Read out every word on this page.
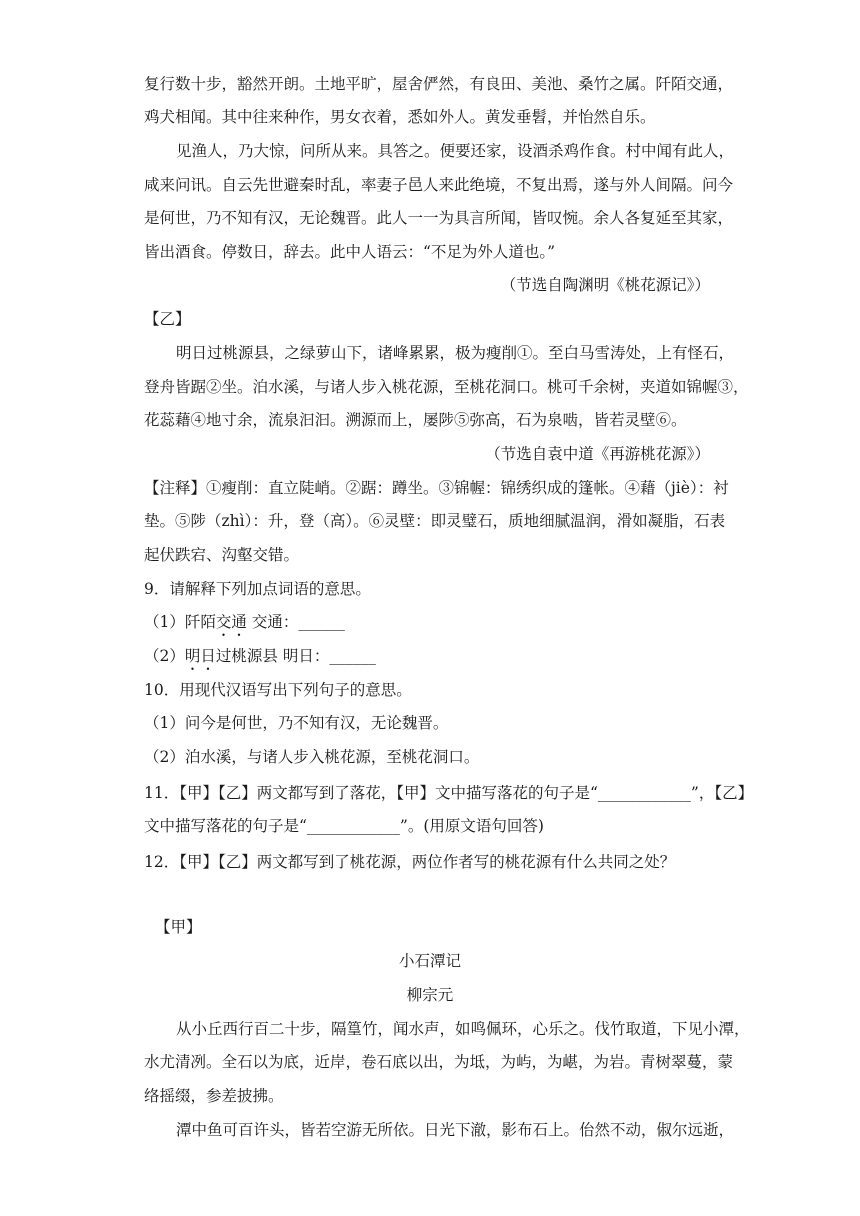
复行数十步，豁然开朗。土地平旷，屋舍俨然，有良田、美池、桑竹之属。阡陌交通，
鸡犬相闻。其中往来种作，男女衣着，悉如外人。黄发垂髫，并怡然自乐。
见渔人，乃大惊，问所从来。具答之。便要还家，设酒杀鸡作食。村中闻有此人，
咸来问讯。自云先世避秦时乱，率妻子邑人来此绝境，不复出焉，遂与外人间隔。问今
是何世，乃不知有汉，无论魏晋。此人一一为具言所闻，皆叹惋。余人各复延至其家，
皆出酒食。停数日，辞去。此中人语云：“不足为外人道也。”
（节选自陶渊明《桃花源记》）
【乙】
明日过桃源县，之绿萝山下，诸峰累累，极为瘦削①。至白马雪涛处，上有怪石，
登舟皆踞②坐。泊水溪，与诸人步入桃花源，至桃花洞口。桃可千余树，夹道如锦幄③，
花蕊藉④地寸余，流泉汩汩。溯源而上，屡陟⑤弥高，石为泉啮，皆若灵壁⑥。
（节选自袁中道《再游桃花源》）
【注释】①瘦削：直立陡峭。②踞：蹲坐。③锦幄：锦绣织成的篷帐。④藉（jiè）：衬
垫。⑤陟（zhì）：升，登（高）。⑥灵壁：即灵璧石，质地细腻温润，滑如凝脂，石表
起伏跌宕、沟壑交错。
9．请解释下列加点词语的意思。
（1）阡陌交通 交通：______
（2）明日过桃源县 明日：______
10．用现代汉语写出下列句子的意思。
（1）问今是何世，乃不知有汉，无论魏晋。
（2）泊水溪，与诸人步入桃花源，至桃花洞口。
11．【甲】【乙】两文都写到了落花，【甲】文中描写落花的句子是“____________”，【乙】
文中描写落花的句子是“____________”。(用原文语句回答)
12．【甲】【乙】两文都写到了桃花源，两位作者写的桃花源有什么共同之处？
【甲】
小石潭记
柳宗元
从小丘西行百二十步，隔篁竹，闻水声，如鸣佩环，心乐之。伐竹取道，下见小潭，
水尤清冽。全石以为底，近岸，卷石底以出，为坻，为屿，为嵁，为岩。青树翠蔓，蒙
络摇缀，参差披拂。
潭中鱼可百许头，皆若空游无所依。日光下澈，影布石上。佁然不动，俶尔远逝，
